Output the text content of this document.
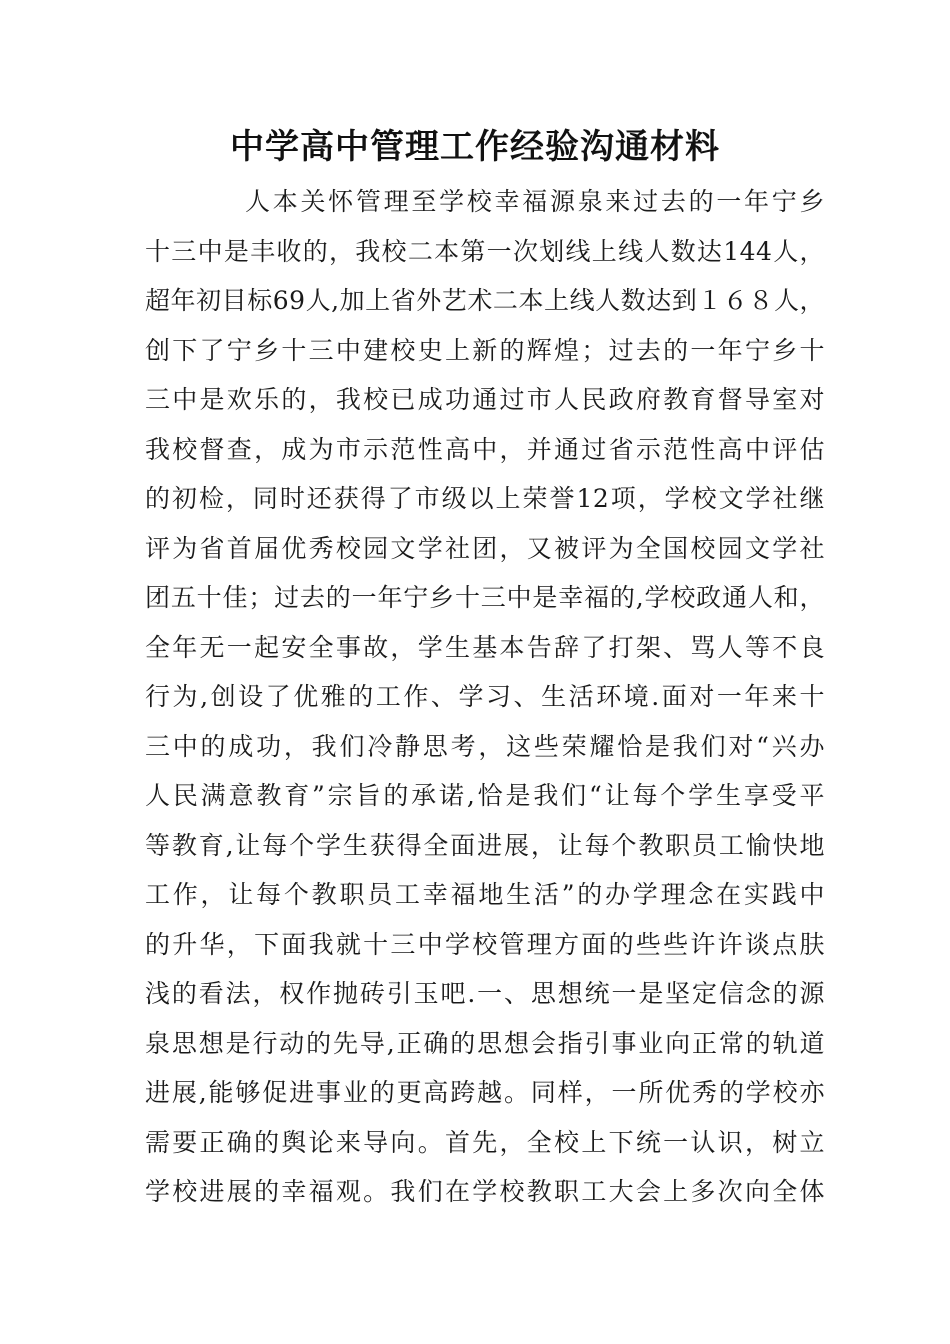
中学高中管理工作经验沟通材料
人本关怀管理至学校幸福源泉来过去的一年宁乡
十三中是丰收的，我校二本第一次划线上线人数达144人，
超年初目标69人,加上省外艺术二本上线人数达到１６８人，
创下了宁乡十三中建校史上新的辉煌；过去的一年宁乡十
三中是欢乐的，我校已成功通过市人民政府教育督导室对
我校督查，成为市示范性高中，并通过省示范性高中评估
的初检，同时还获得了市级以上荣誉12项，学校文学社继
评为省首届优秀校园文学社团，又被评为全国校园文学社
团五十佳；过去的一年宁乡十三中是幸福的,学校政通人和，
全年无一起安全事故，学生基本告辞了打架、骂人等不良
行为,创设了优雅的工作、学习、生活环境.面对一年来十
三中的成功，我们冷静思考，这些荣耀恰是我们对“兴办
人民满意教育”宗旨的承诺,恰是我们“让每个学生享受平
等教育,让每个学生获得全面进展，让每个教职员工愉快地
工作，让每个教职员工幸福地生活”的办学理念在实践中
的升华，下面我就十三中学校管理方面的些些许许谈点肤
浅的看法，权作抛砖引玉吧.一、思想统一是坚定信念的源
泉思想是行动的先导,正确的思想会指引事业向正常的轨道
进展,能够促进事业的更高跨越。同样，一所优秀的学校亦
需要正确的舆论来导向。首先，全校上下统一认识，树立
学校进展的幸福观。我们在学校教职工大会上多次向全体
